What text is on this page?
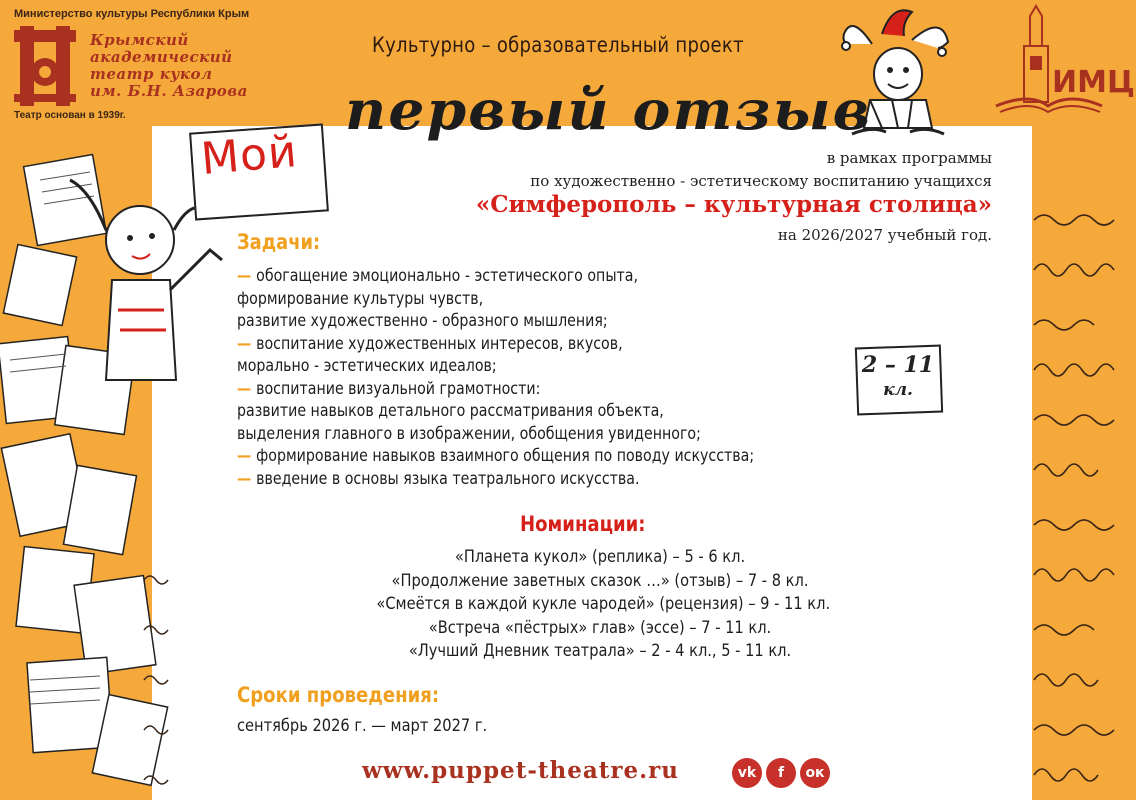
Министерство культуры Республики Крым
Крымский
академический
театр кукол
им. Б.Н. Азарова
Театр основан в 1939г.
Культурно – образовательный проект
ИМЦ
Мой
первый отзыв
в рамках программы
по художественно - эстетическому воспитанию учащихся
«Симферополь – культурная столица»
на 2026/2027 учебный год.
Задачи:
— обогащение эмоционально - эстетического опыта,
формирование культуры чувств,
развитие художественно - образного мышления;
— воспитание художественных интересов, вкусов,
морально - эстетических идеалов;
— воспитание визуальной грамотности:
развитие навыков детального рассматривания объекта,
выделения главного в изображении, обобщения увиденного;
— формирование навыков взаимного общения по поводу искусства;
— введение в основы языка театрального искусства.
2 – 11
кл.
Номинации:
«Планета кукол» (реплика) – 5 - 6 кл.
«Продолжение заветных сказок …» (отзыв) – 7 - 8 кл.
«Смеётся в каждой кукле чародей» (рецензия) – 9 - 11 кл.
«Встреча «пёстрых» глав» (эссе) – 7 - 11 кл.
«Лучший Дневник театрала» – 2 - 4 кл., 5 - 11 кл.
Сроки проведения:
сентябрь 2026 г. — март 2027 г.
www.puppet-theatre.ru	vk	f	ок
